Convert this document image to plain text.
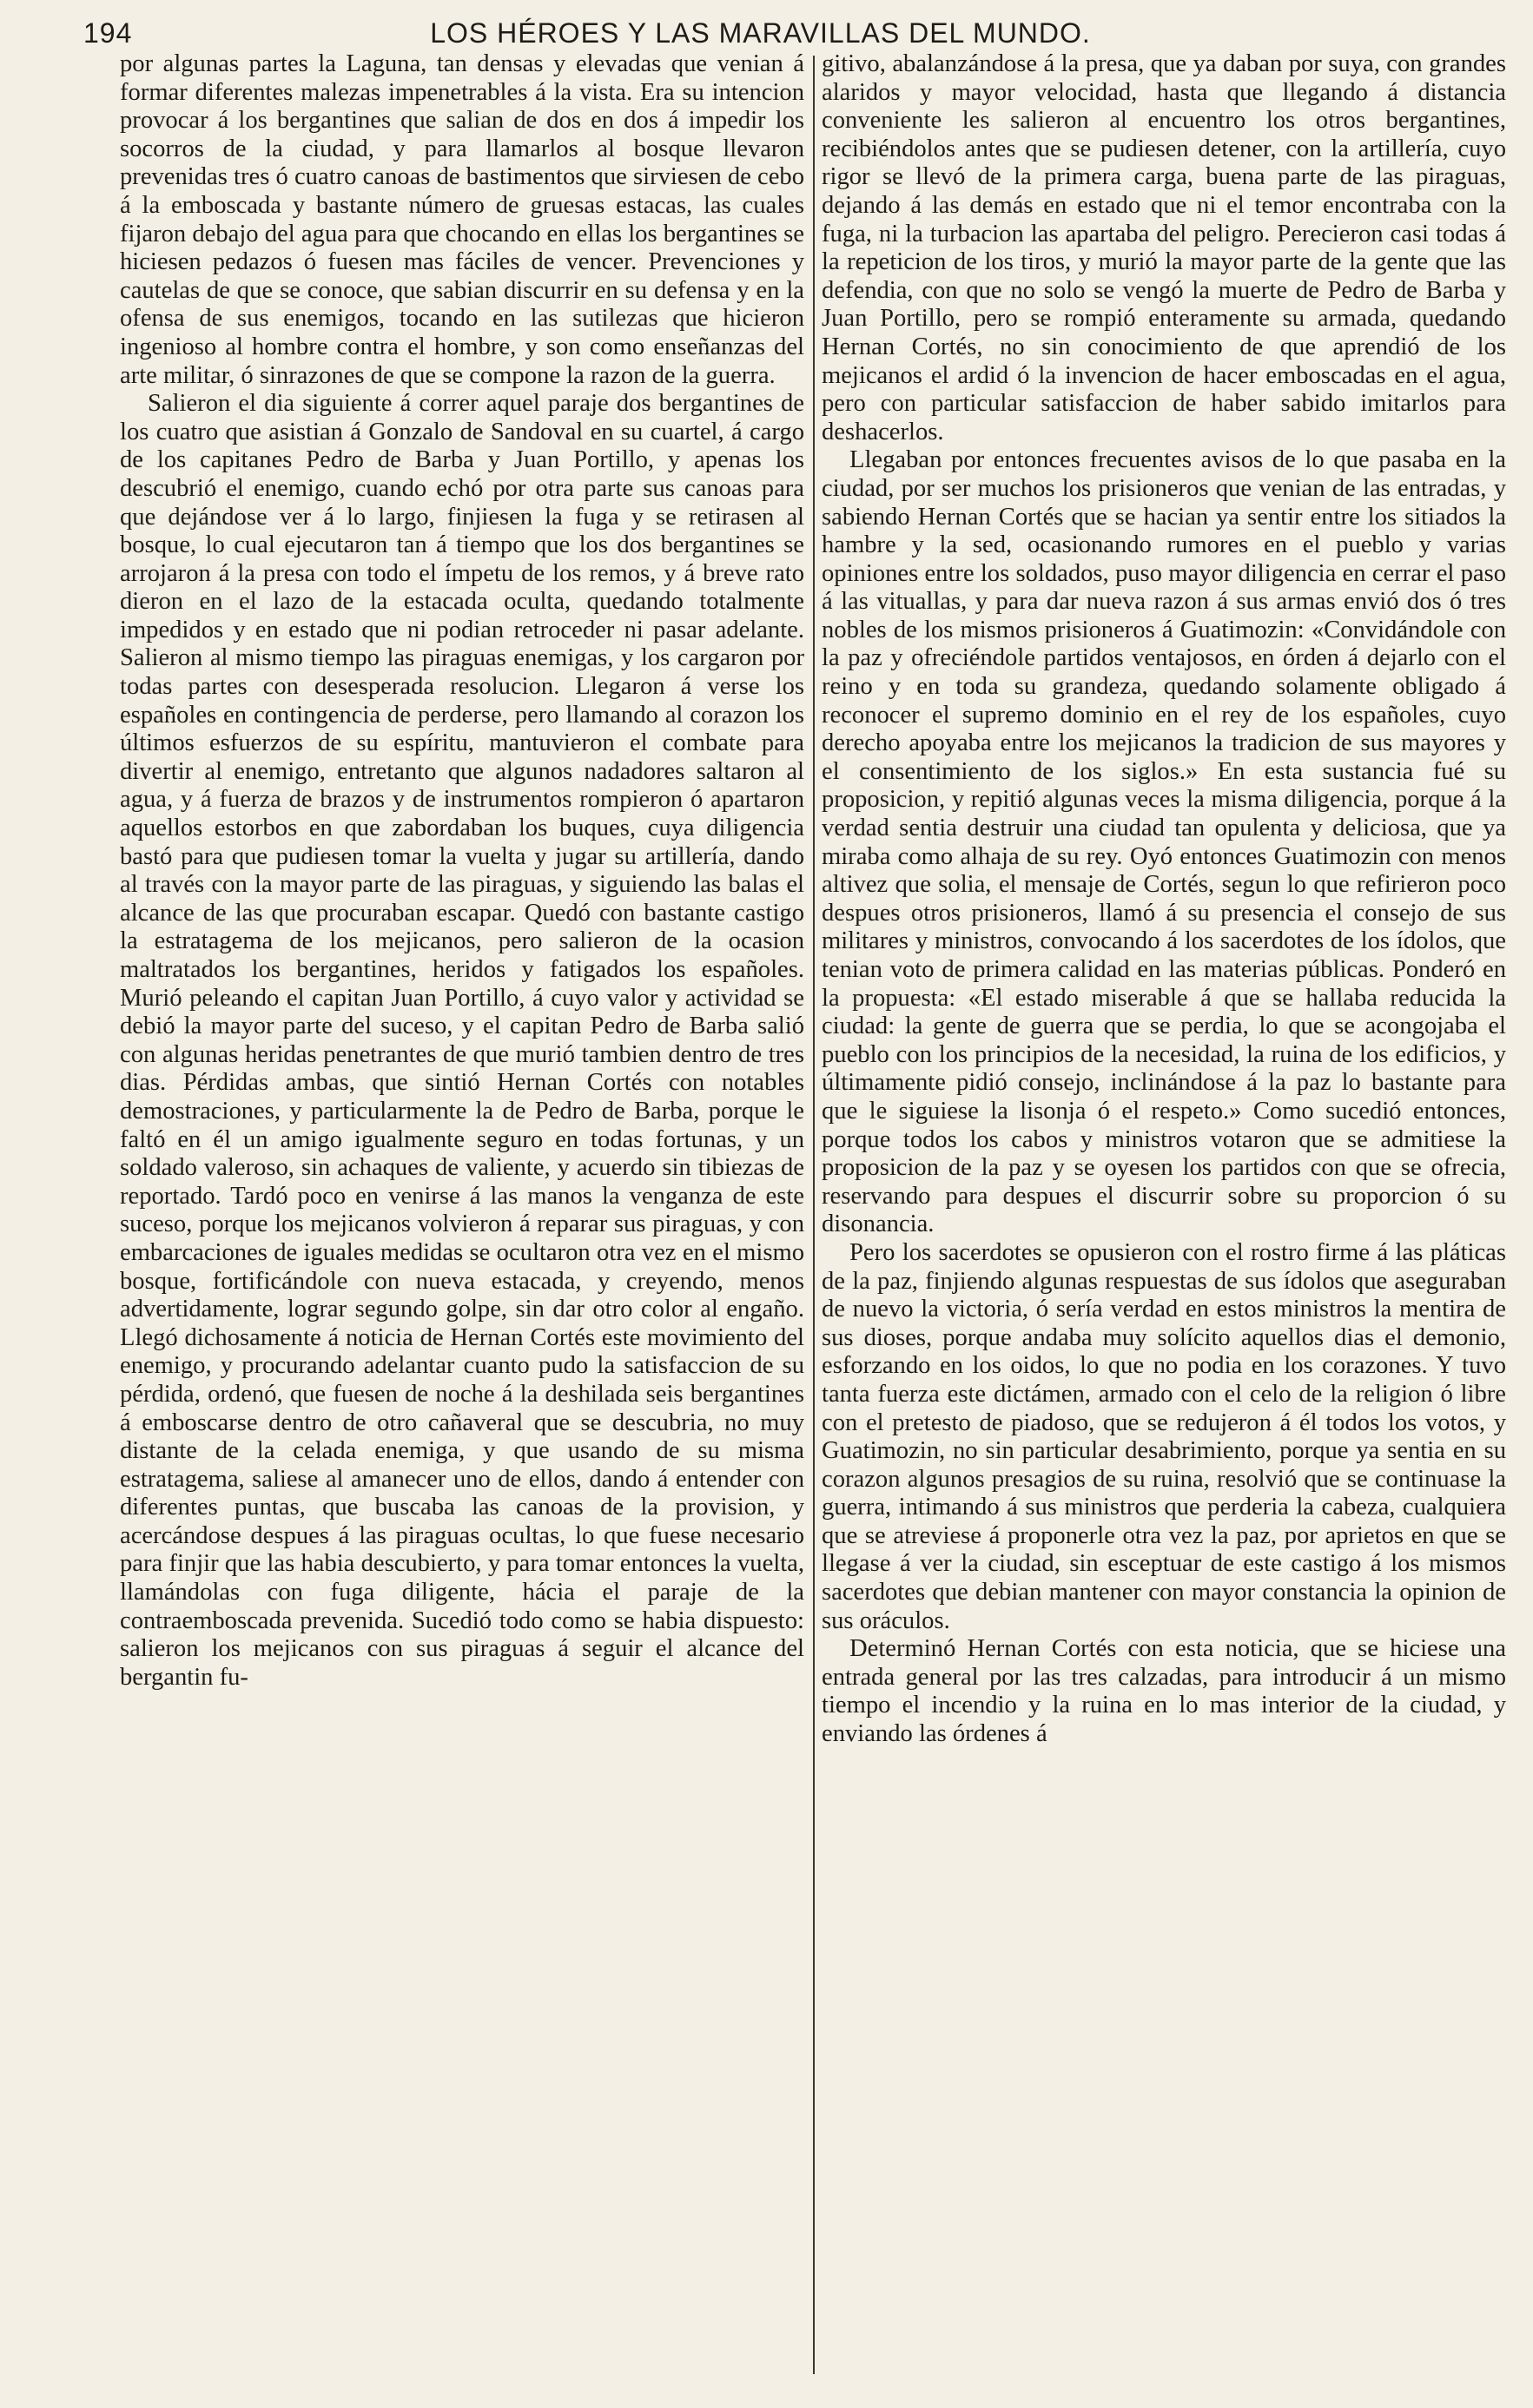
194	LOS HÉROES Y LAS MARAVILLAS DEL MUNDO.

por algunas partes la Laguna, tan densas y elevadas que venian á formar diferentes malezas impenetrables á la vista. Era su intencion provocar á los bergantines que salian de dos en dos á impedir los socorros de la ciudad, y para llamarlos al bosque llevaron prevenidas tres ó cuatro canoas de bastimentos que sirviesen de cebo á la emboscada y bastante número de gruesas estacas, las cuales fijaron debajo del agua para que chocando en ellas los bergantines se hiciesen pedazos ó fuesen mas fáciles de vencer. Prevenciones y cautelas de que se conoce, que sabian discurrir en su defensa y en la ofensa de sus enemigos, tocando en las sutilezas que hicieron ingenioso al hombre contra el hombre, y son como enseñanzas del arte militar, ó sinrazones de que se compone la razon de la guerra.

Salieron el dia siguiente á correr aquel paraje dos bergantines de los cuatro que asistian á Gonzalo de Sandoval en su cuartel, á cargo de los capitanes Pedro de Barba y Juan Portillo, y apenas los descubrió el enemigo, cuando echó por otra parte sus canoas para que dejándose ver á lo largo, finjiesen la fuga y se retirasen al bosque, lo cual ejecutaron tan á tiempo que los dos bergantines se arrojaron á la presa con todo el ímpetu de los remos, y á breve rato dieron en el lazo de la estacada oculta, quedando totalmente impedidos y en estado que ni podian retroceder ni pasar adelante. Salieron al mismo tiempo las piraguas enemigas, y los cargaron por todas partes con desesperada resolucion. Llegaron á verse los españoles en contingencia de perderse, pero llamando al corazon los últimos esfuerzos de su espíritu, mantuvieron el combate para divertir al enemigo, entretanto que algunos nadadores saltaron al agua, y á fuerza de brazos y de instrumentos rompieron ó apartaron aquellos estorbos en que zabordaban los buques, cuya diligencia bastó para que pudiesen tomar la vuelta y jugar su artillería, dando al través con la mayor parte de las piraguas, y siguiendo las balas el alcance de las que procuraban escapar. Quedó con bastante castigo la estratagema de los mejicanos, pero salieron de la ocasion maltratados los bergantines, heridos y fatigados los españoles. Murió peleando el capitan Juan Portillo, á cuyo valor y actividad se debió la mayor parte del suceso, y el capitan Pedro de Barba salió con algunas heridas penetrantes de que murió tambien dentro de tres dias. Pérdidas ambas, que sintió Hernan Cortés con notables demostraciones, y particularmente la de Pedro de Barba, porque le faltó en él un amigo igualmente seguro en todas fortunas, y un soldado valeroso, sin achaques de valiente, y acuerdo sin tibiezas de reportado. Tardó poco en venirse á las manos la venganza de este suceso, porque los mejicanos volvieron á reparar sus piraguas, y con embarcaciones de iguales medidas se ocultaron otra vez en el mismo bosque, fortificándole con nueva estacada, y creyendo, menos advertidamente, lograr segundo golpe, sin dar otro color al engaño. Llegó dichosamente á noticia de Hernan Cortés este movimiento del enemigo, y procurando adelantar cuanto pudo la satisfaccion de su pérdida, ordenó, que fuesen de noche á la deshilada seis bergantines á emboscarse dentro de otro cañaveral que se descubria, no muy distante de la celada enemiga, y que usando de su misma estratagema, saliese al amanecer uno de ellos, dando á entender con diferentes puntas, que buscaba las canoas de la provision, y acercándose despues á las piraguas ocultas, lo que fuese necesario para finjir que las habia descubierto, y para tomar entonces la vuelta, llamándolas con fuga diligente, hácia el paraje de la contraemboscada prevenida. Sucedió todo como se habia dispuesto: salieron los mejicanos con sus piraguas á seguir el alcance del bergantin fu-

gitivo, abalanzándose á la presa, que ya daban por suya, con grandes alaridos y mayor velocidad, hasta que llegando á distancia conveniente les salieron al encuentro los otros bergantines, recibiéndolos antes que se pudiesen detener, con la artillería, cuyo rigor se llevó de la primera carga, buena parte de las piraguas, dejando á las demás en estado que ni el temor encontraba con la fuga, ni la turbacion las apartaba del peligro. Perecieron casi todas á la repeticion de los tiros, y murió la mayor parte de la gente que las defendia, con que no solo se vengó la muerte de Pedro de Barba y Juan Portillo, pero se rompió enteramente su armada, quedando Hernan Cortés, no sin conocimiento de que aprendió de los mejicanos el ardid ó la invencion de hacer emboscadas en el agua, pero con particular satisfaccion de haber sabido imitarlos para deshacerlos.

Llegaban por entonces frecuentes avisos de lo que pasaba en la ciudad, por ser muchos los prisioneros que venian de las entradas, y sabiendo Hernan Cortés que se hacian ya sentir entre los sitiados la hambre y la sed, ocasionando rumores en el pueblo y varias opiniones entre los soldados, puso mayor diligencia en cerrar el paso á las vituallas, y para dar nueva razon á sus armas envió dos ó tres nobles de los mismos prisioneros á Guatimozin: «Convidándole con la paz y ofreciéndole partidos ventajosos, en órden á dejarlo con el reino y en toda su grandeza, quedando solamente obligado á reconocer el supremo dominio en el rey de los españoles, cuyo derecho apoyaba entre los mejicanos la tradicion de sus mayores y el consentimiento de los siglos.» En esta sustancia fué su proposicion, y repitió algunas veces la misma diligencia, porque á la verdad sentia destruir una ciudad tan opulenta y deliciosa, que ya miraba como alhaja de su rey. Oyó entonces Guatimozin con menos altivez que solia, el mensaje de Cortés, segun lo que refirieron poco despues otros prisioneros, llamó á su presencia el consejo de sus militares y ministros, convocando á los sacerdotes de los ídolos, que tenian voto de primera calidad en las materias públicas. Ponderó en la propuesta: «El estado miserable á que se hallaba reducida la ciudad: la gente de guerra que se perdia, lo que se acongojaba el pueblo con los principios de la necesidad, la ruina de los edificios, y últimamente pidió consejo, inclinándose á la paz lo bastante para que le siguiese la lisonja ó el respeto.» Como sucedió entonces, porque todos los cabos y ministros votaron que se admitiese la proposicion de la paz y se oyesen los partidos con que se ofrecia, reservando para despues el discurrir sobre su proporcion ó su disonancia.

Pero los sacerdotes se opusieron con el rostro firme á las pláticas de la paz, finjiendo algunas respuestas de sus ídolos que aseguraban de nuevo la victoria, ó sería verdad en estos ministros la mentira de sus dioses, porque andaba muy solícito aquellos dias el demonio, esforzando en los oidos, lo que no podia en los corazones. Y tuvo tanta fuerza este dictámen, armado con el celo de la religion ó libre con el pretesto de piadoso, que se redujeron á él todos los votos, y Guatimozin, no sin particular desabrimiento, porque ya sentia en su corazon algunos presagios de su ruina, resolvió que se continuase la guerra, intimando á sus ministros que perderia la cabeza, cualquiera que se atreviese á proponerle otra vez la paz, por aprietos en que se llegase á ver la ciudad, sin esceptuar de este castigo á los mismos sacerdotes que debian mantener con mayor constancia la opinion de sus oráculos.

Determinó Hernan Cortés con esta noticia, que se hiciese una entrada general por las tres calzadas, para introducir á un mismo tiempo el incendio y la ruina en lo mas interior de la ciudad, y enviando las órdenes á
